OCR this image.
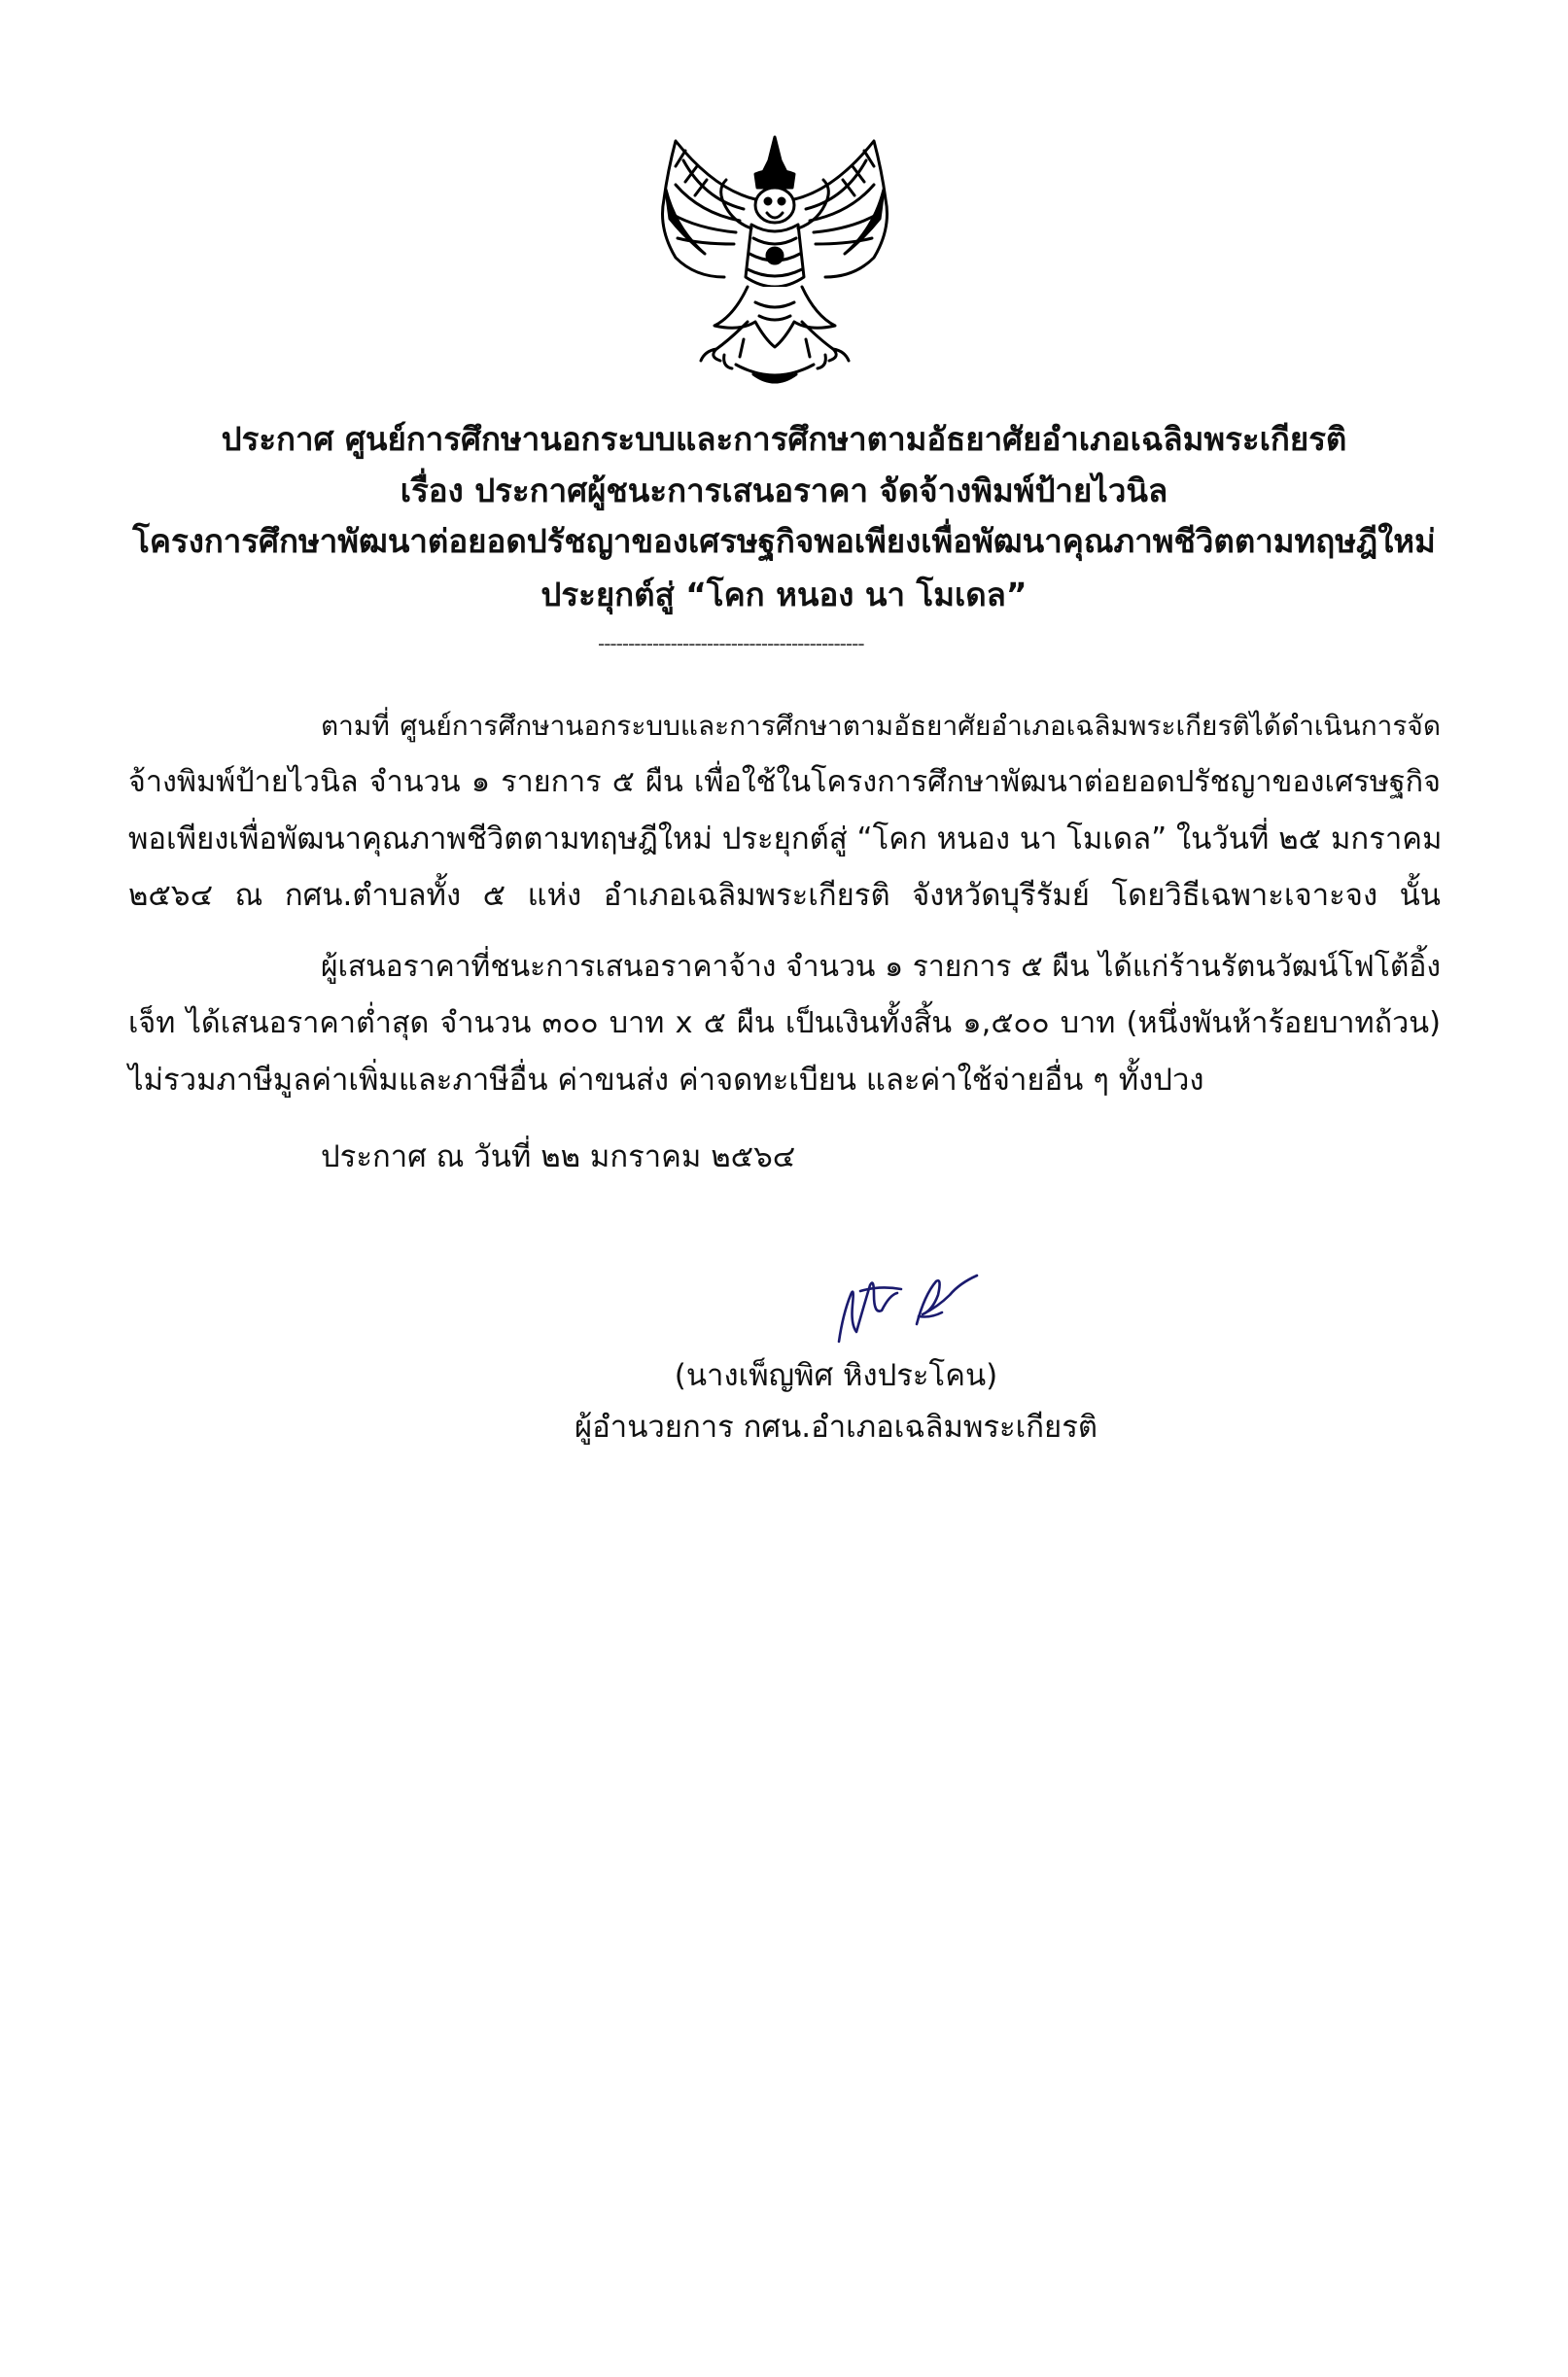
ประกาศ ศูนย์การศึกษานอกระบบและการศึกษาตามอัธยาศัยอำเภอเฉลิมพระเกียรติ
เรื่อง ประกาศผู้ชนะการเสนอราคา จัดจ้างพิมพ์ป้ายไวนิล
โครงการศึกษาพัฒนาต่อยอดปรัชญาของเศรษฐกิจพอเพียงเพื่อพัฒนาคุณภาพชีวิตตามทฤษฎีใหม่
ประยุกต์สู่ “โคก หนอง นา โมเดล”
--------------------------------------------
ตามที่ ศูนย์การศึกษานอกระบบและการศึกษาตามอัธยาศัยอำเภอเฉลิมพระเกียรติได้ดำเนินการจัด
จ้างพิมพ์ป้ายไวนิล จำนวน ๑ รายการ ๕ ผืน เพื่อใช้ในโครงการศึกษาพัฒนาต่อยอดปรัชญาของเศรษฐกิจ
พอเพียงเพื่อพัฒนาคุณภาพชีวิตตามทฤษฎีใหม่ ประยุกต์สู่ “โคก หนอง นา โมเดล” ในวันที่ ๒๕ มกราคม
๒๕๖๔ ณ กศน.ตำบลทั้ง ๕ แห่ง อำเภอเฉลิมพระเกียรติ จังหวัดบุรีรัมย์ โดยวิธีเฉพาะเจาะจง นั้น
ผู้เสนอราคาที่ชนะการเสนอราคาจ้าง จำนวน ๑ รายการ ๕ ผืน ได้แก่ร้านรัตนวัฒน์โฟโต้อิ้ง
เจ็ท ได้เสนอราคาต่ำสุด จำนวน ๓๐๐ บาท x ๕ ผืน เป็นเงินทั้งสิ้น ๑,๕๐๐ บาท (หนึ่งพันห้าร้อยบาทถ้วน)
ไม่รวมภาษีมูลค่าเพิ่มและภาษีอื่น ค่าขนส่ง ค่าจดทะเบียน และค่าใช้จ่ายอื่น ๆ ทั้งปวง
ประกาศ ณ วันที่ ๒๒ มกราคม ๒๕๖๔
(นางเพ็ญพิศ หิงประโคน)
ผู้อำนวยการ กศน.อำเภอเฉลิมพระเกียรติ
